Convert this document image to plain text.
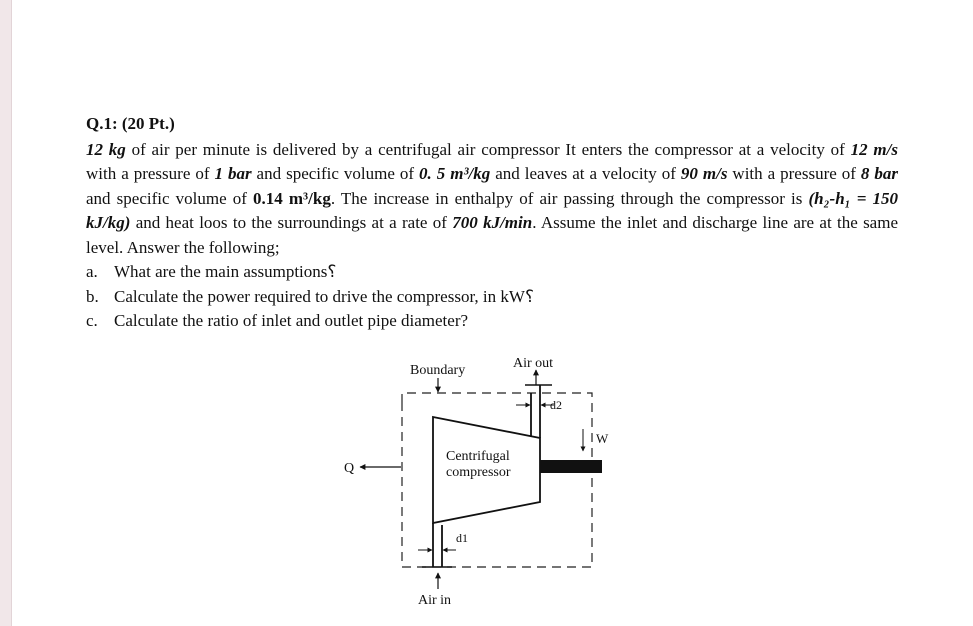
Q.1: (20 Pt.)

12 kg of air per minute is delivered by a centrifugal air compressor It enters the compressor at a velocity of 12 m/s with a pressure of 1 bar and specific volume of 0. 5 m³/kg and leaves at a velocity of 90 m/s with a pressure of 8 bar and specific volume of 0.14 m³/kg. The increase in enthalpy of air passing through the compressor is (h₂-h₁ = 150 kJ/kg) and heat loos to the surroundings at a rate of 700 kJ/min. Assume the inlet and discharge line are at the same level. Answer the following;

a. What are the main assumptions؟
b. Calculate the power required to drive the compressor, in kW؟
c. Calculate the ratio of inlet and outlet pipe diameter?
Boundary	Air out
d2
W
Q
Centrifugal
compressor
d1
Air in
